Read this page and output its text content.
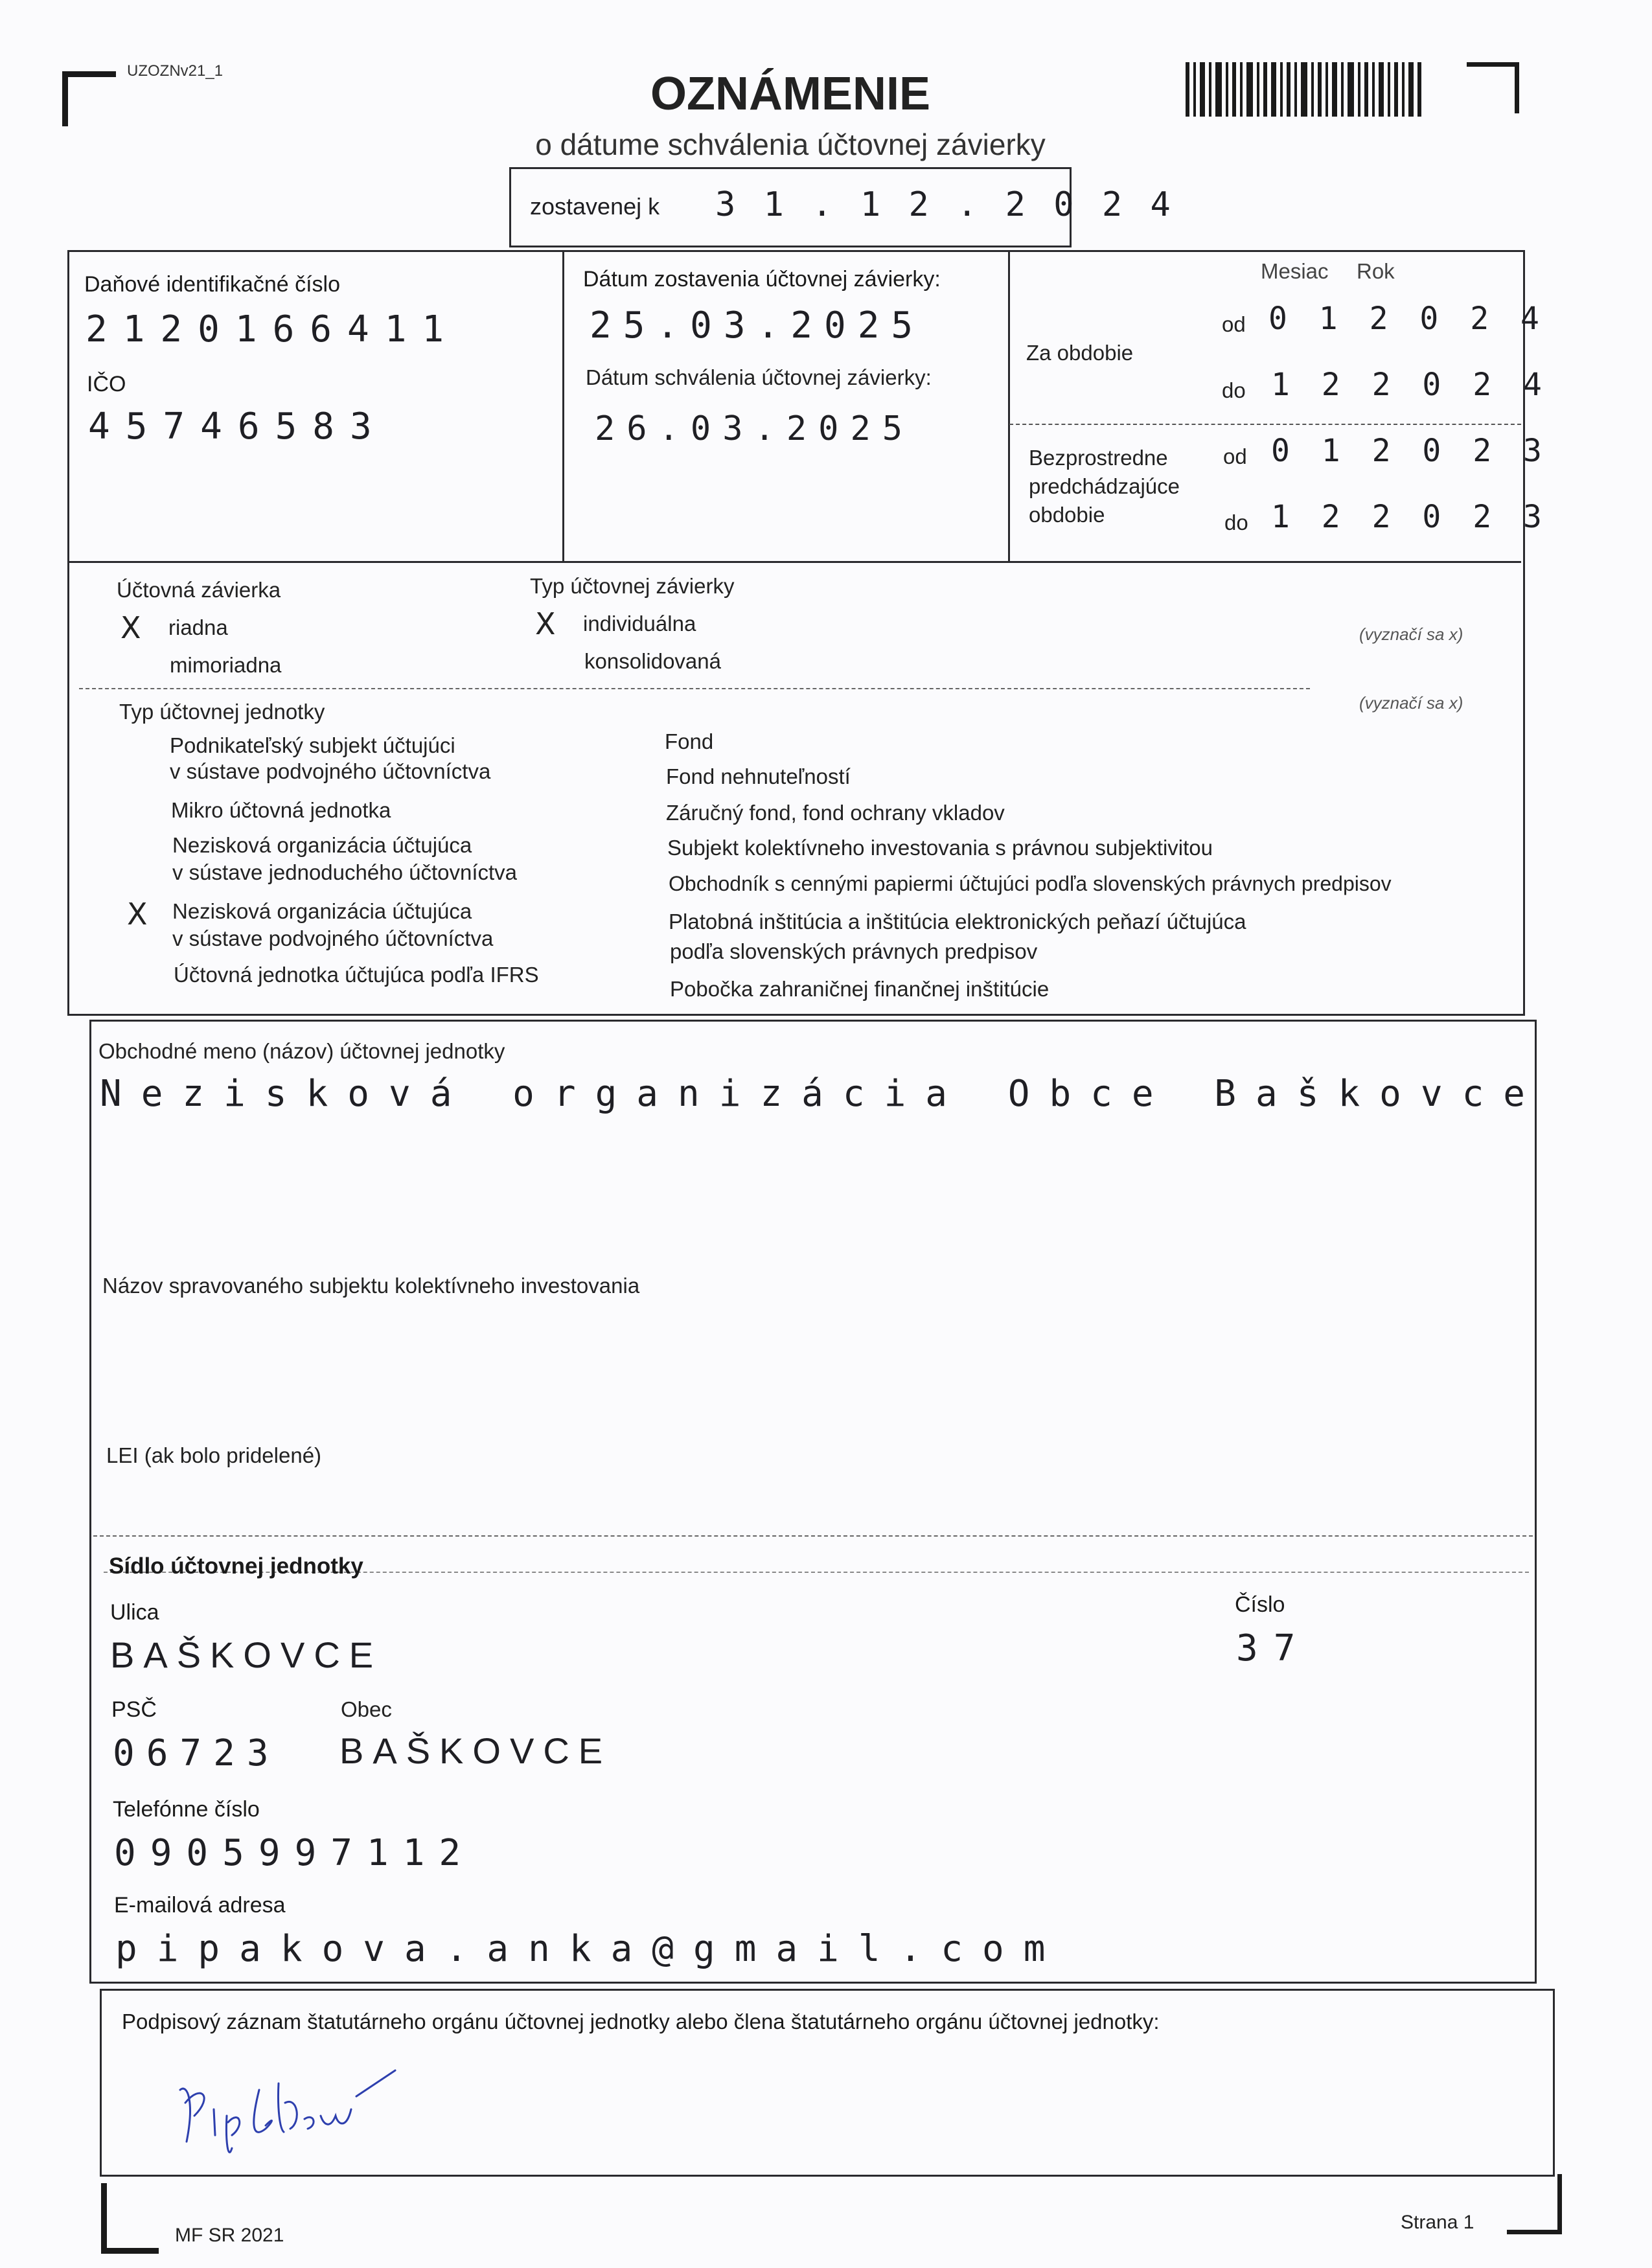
UZOZNv21_1	OZNÁMENIE
o dátume schválenia účtovnej závierky
zostavenej k 3 1 . 1 2 . 2 0 2 4
Daňové identifikačné číslo
2120166411
IČO
45746583
Dátum zostavenia účtovnej závierky:
25.03.2025
Dátum schválenia účtovnej závierky:
26.03.2025
Mesiac Rok
Za obdobie
od 0 1 2 0 2 4
do 1 2 2 0 2 4
Bezprostredne
predchádzajúce
obdobie
od 0 1 2 0 2 3
do 1 2 2 0 2 3
Účtovná závierka
X riadna
mimoriadna
Typ účtovnej závierky
X individuálna
konsolidovaná
(vyznačí sa x)
Typ účtovnej jednotky	(vyznačí sa x)
Podnikateľský subjekt účtujúci
v sústave podvojného účtovníctva
Mikro účtovná jednotka
Nezisková organizácia účtujúca
v sústave jednoduchého účtovníctva
X Nezisková organizácia účtujúca
v sústave podvojného účtovníctva
Účtovná jednotka účtujúca podľa IFRS
Fond
Fond nehnuteľností
Záručný fond, fond ochrany vkladov
Subjekt kolektívneho investovania s právnou subjektivitou
Obchodník s cennými papiermi účtujúci podľa slovenských právnych predpisov
Platobná inštitúcia a inštitúcia elektronických peňazí účtujúca
podľa slovenských právnych predpisov
Pobočka zahraničnej finančnej inštitúcie
Obchodné meno (názov) účtovnej jednotky
Nezisková organizácia Obce Baškovce
Názov spravovaného subjektu kolektívneho investovania
LEI (ak bolo pridelené)
Sídlo účtovnej jednotky
Ulica
BAŠKOVCE
Číslo
37
PSČ
06723
Obec
BAŠKOVCE
Telefónne číslo
0905997112
E-mailová adresa
pipakova.anka@gmail.com
Podpisový záznam štatutárneho orgánu účtovnej jednotky alebo člena štatutárneho orgánu účtovnej jednotky:
MF SR 2021
Strana 1
